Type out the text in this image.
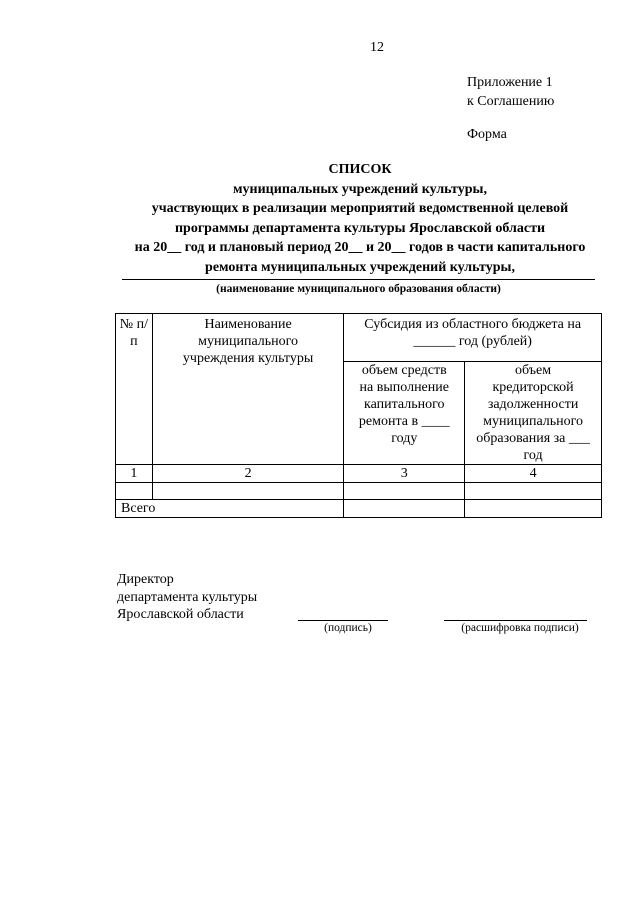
12
Приложение 1
к Соглашению
Форма
СПИСОК
муниципальных учреждений культуры,
участвующих в реализации мероприятий ведомственной целевой
программы департамента культуры Ярославской области
на 20__ год и плановый период 20__ и 20__ годов в части капитального
ремонта муниципальных учреждений культуры,
(наименование муниципального образования области)
№ п/п	Наименование муниципального учреждения культуры	Субсидия из областного бюджета на ______ год (рублей)	
		объем средств на выполнение капитального ремонта в ____ году	объем кредиторской задолженности муниципального образования за ___ год
1	2	3	4

Всего			
Директор
департамента культуры
Ярославской области
(подпись)	(расшифровка подписи)
